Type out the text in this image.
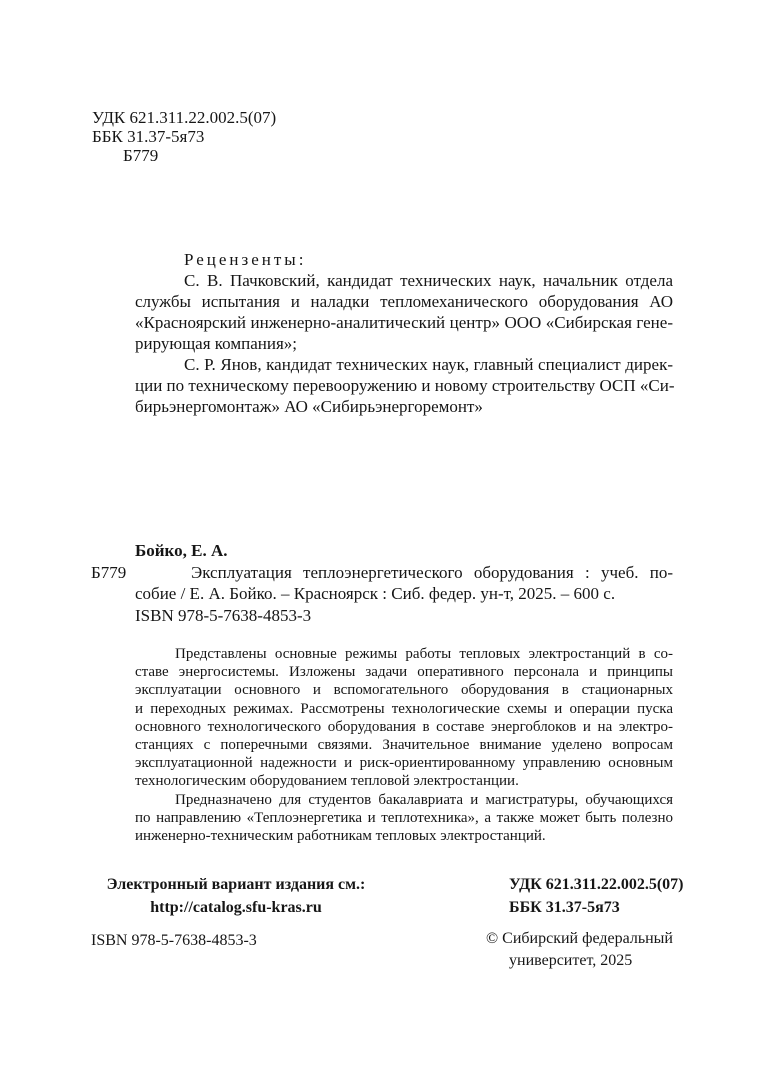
УДК 621.311.22.002.5(07)
ББК 31.37-5я73
Б779
Рецензенты:
С. В. Пачковский, кандидат технических наук, начальник отдела
службы испытания и наладки тепломеханического оборудования АО
«Красноярский инженерно-аналитический центр» ООО «Сибирская гене-
рирующая компания»;
С. Р. Янов, кандидат технических наук, главный специалист дирек-
ции по техническому перевооружению и новому строительству ОСП «Си-
бирьэнергомонтаж» АО «Сибирьэнергоремонт»
Бойко, Е. А.
Б779	Эксплуатация теплоэнергетического оборудования : учеб. по-
собие / Е. А. Бойко. – Красноярск : Сиб. федер. ун-т, 2025. – 600 с.
ISBN 978-5-7638-4853-3
Представлены основные режимы работы тепловых электростанций в со-
ставе энергосистемы. Изложены задачи оперативного персонала и принципы
эксплуатации основного и вспомогательного оборудования в стационарных
и переходных режимах. Рассмотрены технологические схемы и операции пуска
основного технологического оборудования в составе энергоблоков и на электро-
станциях с поперечными связями. Значительное внимание уделено вопросам
эксплуатационной надежности и риск-ориентированному управлению основным
технологическим оборудованием тепловой электростанции.
Предназначено для студентов бакалавриата и магистратуры, обучающихся
по направлению «Теплоэнергетика и теплотехника», а также может быть полезно
инженерно-техническим работникам тепловых электростанций.
Электронный вариант издания см.:
http://catalog.sfu-kras.ru
УДК 621.311.22.002.5(07)
ББК 31.37-5я73
ISBN 978-5-7638-4853-3	© Сибирский федеральный
университет, 2025
